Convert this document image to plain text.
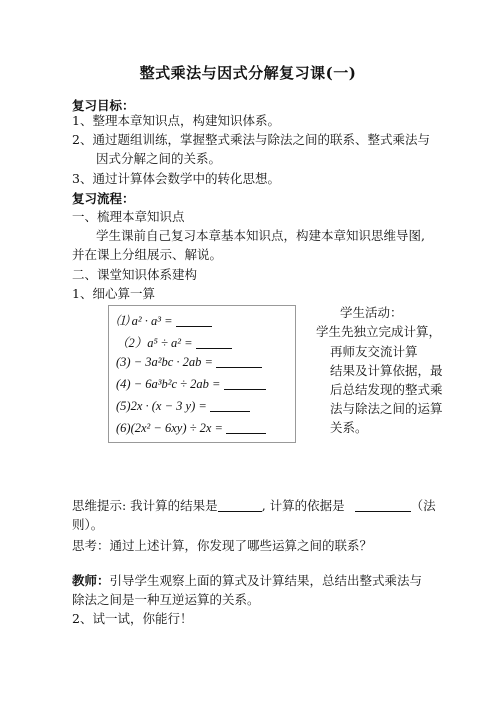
整式乘法与因式分解复习课(一)
复习目标：
1、整理本章知识点，构建知识体系。
2、通过题组训练，掌握整式乘法与除法之间的联系、整式乘法与
因式分解之间的关系。
3、通过计算体会数学中的转化思想。
复习流程：
一、梳理本章知识点
学生课前自己复习本章基本知识点，构建本章知识思维导图,
并在课上分组展示、解说。
二、课堂知识体系建构
1、细心算一算
⑴ a² · a³ =
（2）a⁵ ÷ a² =
(3) − 3a²bc · 2ab =
(4) − 6a³b²c ÷ 2ab =
(5)2x · (x − 3 y) =
(6)(2x² − 6xy) ÷ 2x =
学生活动：
学生先独立完成计算，
再师友交流计算
结果及计算依据，最
后总结发现的整式乘
法与除法之间的运算
关系。
思维提示: 我计算的结果是	, 计算的依据是	（法
则）。
思考：通过上述计算，你发现了哪些运算之间的联系？
教师：引导学生观察上面的算式及计算结果，总结出整式乘法与
除法之间是一种互逆运算的关系。
2、试一试，你能行！
